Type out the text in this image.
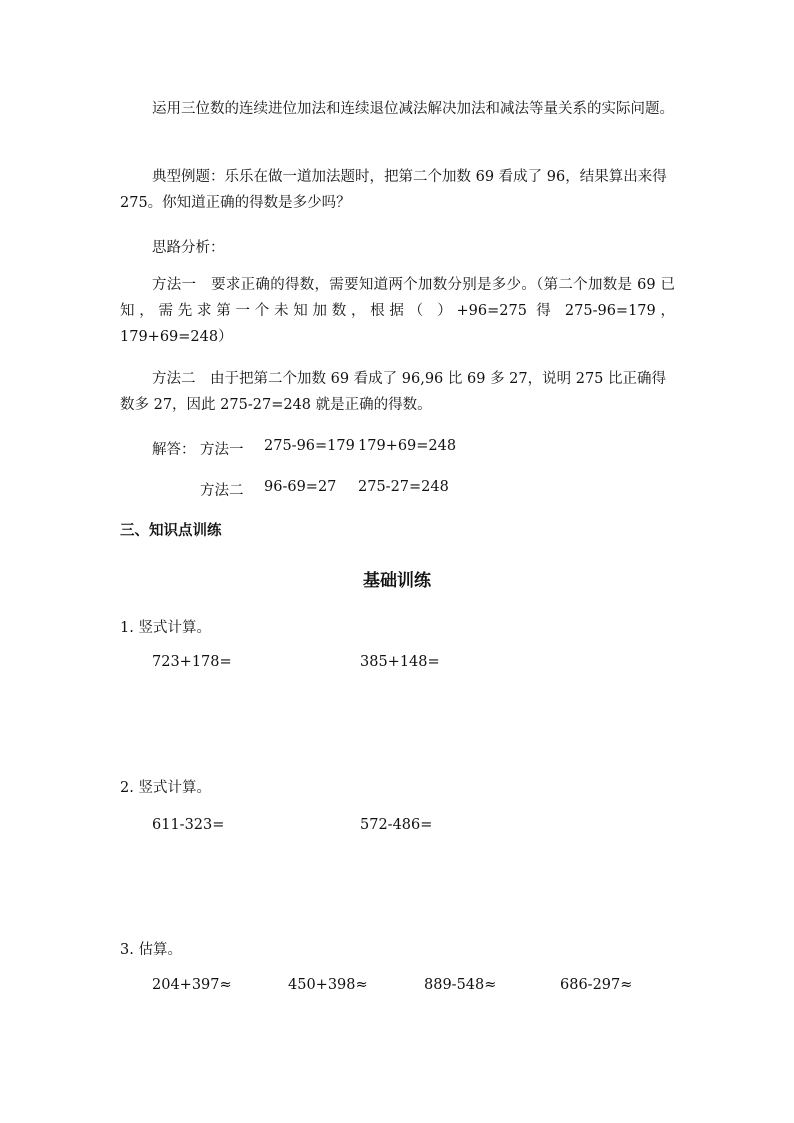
运用三位数的连续进位加法和连续退位减法解决加法和减法等量关系的实际问题。
典型例题：乐乐在做一道加法题时，把第二个加数 69 看成了 96，结果算出来得 275。你知道正确的得数是多少吗？
思路分析：
方法一　要求正确的得数，需要知道两个加数分别是多少。（第二个加数是 69 已知，需先求第一个未知加数，根据（ ）+96=275 得 275-96=179，179+69=248）
方法二　由于把第二个加数 69 看成了 96,96 比 69 多 27，说明 275 比正确得数多 27，因此 275-27=248 就是正确的得数。
解答： 方法一 275-96=179 179+69=248
方法二 96-69=27 275-27=248
三、知识点训练
基础训练
1. 竖式计算。
723+178=	385+148=
2. 竖式计算。
611-323=	572-486=
3. 估算。
204+397≈	450+398≈	889-548≈	686-297≈
